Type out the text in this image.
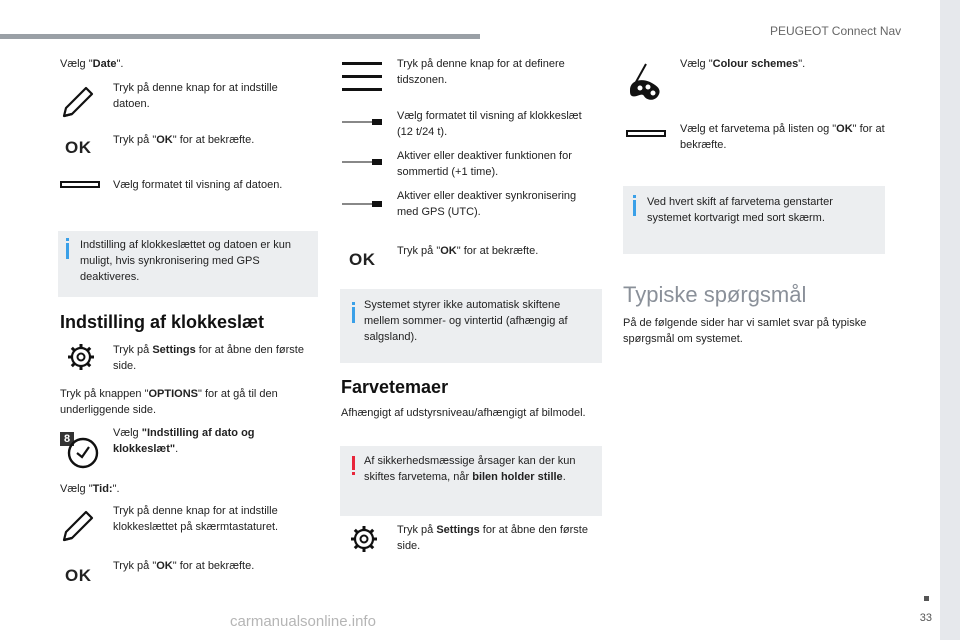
PEUGEOT Connect Nav
33

Vælg "Date".

Tryk på denne knap for at indstille datoen.
OK Tryk på "OK" for at bekræfte.
Vælg formatet til visning af datoen.
Indstilling af klokkeslættet og datoen er kun muligt, hvis synkronisering med GPS deaktiveres.
Indstilling af klokkeslæt
Tryk på Settings for at åbne den første side.
Tryk på knappen "OPTIONS" for at gå til den underliggende side.
8	Vælg "Indstilling af dato og klokkeslæt".
Vælg "Tid:".
Tryk på denne knap for at indstille klokkeslættet på skærmtastaturet.
OK Tryk på "OK" for at bekræfte.
Tryk på denne knap for at definere tidszonen.
Vælg formatet til visning af klokkeslæt (12 t/24 t).
Aktiver eller deaktiver funktionen for sommertid (+1 time).
Aktiver eller deaktiver synkronisering med GPS (UTC).
OK Tryk på "OK" for at bekræfte.
Systemet styrer ikke automatisk skiftene mellem sommer- og vintertid (afhængig af salgsland).
Farvetemaer
Afhængigt af udstyrsniveau/afhængigt af bilmodel.
Af sikkerhedsmæssige årsager kan der kun skiftes farvetema, når bilen holder stille.
Tryk på Settings for at åbne den første side.
Vælg "Colour schemes".
Vælg et farvetema på listen og "OK" for at bekræfte.
Ved hvert skift af farvetema genstarter systemet kortvarigt med sort skærm.
Typiske spørgsmål
På de følgende sider har vi samlet svar på typiske spørgsmål om systemet.
carmanualsonline.info
